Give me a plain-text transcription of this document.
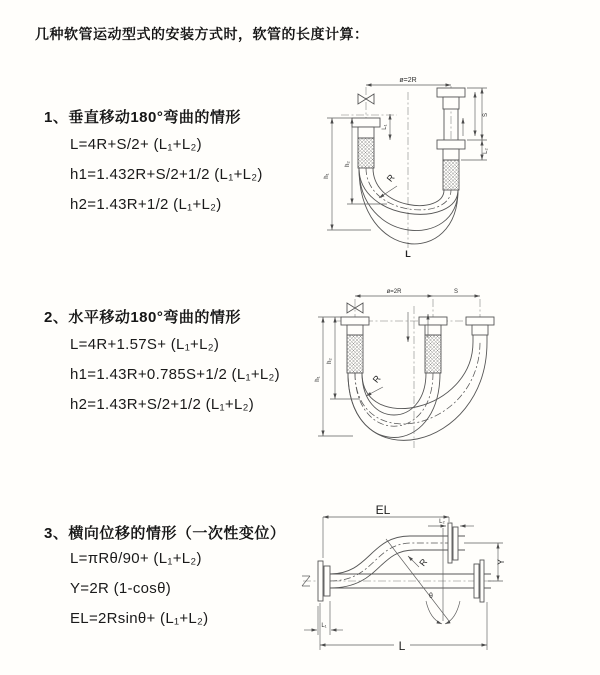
几种软管运动型式的安装方式时，软管的长度计算：
1、垂直移动180°弯曲的情形
L=4R+S/2+ (L₁+L₂)
h1=1.432R+S/2+1/2 (L₁+L₂)
h2=1.43R+1/2 (L₁+L₂)
2、水平移动180°弯曲的情形
L=4R+1.57S+ (L₁+L₂)
h1=1.43R+0.785S+1/2 (L₁+L₂)
h2=1.43R+S/2+1/2 (L₁+L₂)
3、横向位移的情形（一次性变位）
L=πRθ/90+ (L₁+L₂)
Y=2R (1-cosθ)
EL=2Rsinθ+ (L₁+L₂)
ø=2R
h₁
h₂
L₁
S
L₂
R
L
ø=2R	S
h₁
h₂
R
EL
L₂
Y
R
θ
L₁
L
